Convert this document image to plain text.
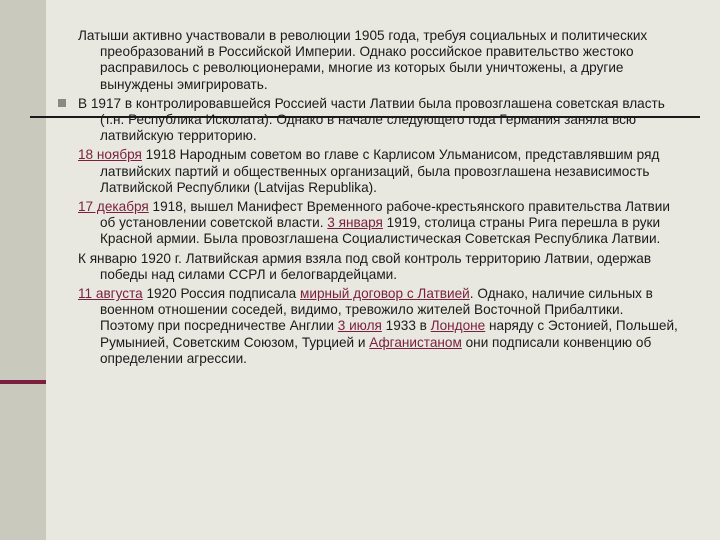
Латыши активно участвовали в революции 1905 года, требуя социальных и политических преобразований в Российской Империи. Однако российское правительство жестоко расправилось с революционерами, многие из которых были уничтожены, а другие вынуждены эмигрировать.

В 1917 в контролировавшейся Россией части Латвии была провозглашена советская власть (т.н. Республика Исколата). Однако в начале следующего года Германия заняла всю латвийскую территорию.

18 ноября 1918 Народным советом во главе с Карлисом Ульманисом, представлявшим ряд латвийских партий и общественных организаций, была провозглашена независимость Латвийской Республики (Latvijas Republika).

17 декабря 1918, вышел Манифест Временного рабоче-крестьянского правительства Латвии об установлении советской власти. 3 января 1919, столица страны Рига перешла в руки Красной армии. Была провозглашена Социалистическая Советская Республика Латвии.

К январю 1920 г. Латвийская армия взяла под свой контроль территорию Латвии, одержав победы над силами ССРЛ и белогвардейцами.

11 августа 1920 Россия подписала мирный договор с Латвией. Однако, наличие сильных в военном отношении соседей, видимо, тревожило жителей Восточной Прибалтики. Поэтому при посредничестве Англии 3 июля 1933 в Лондоне наряду с Эстонией, Польшей, Румынией, Советским Союзом, Турцией и Афганистаном они подписали конвенцию об определении агрессии.
